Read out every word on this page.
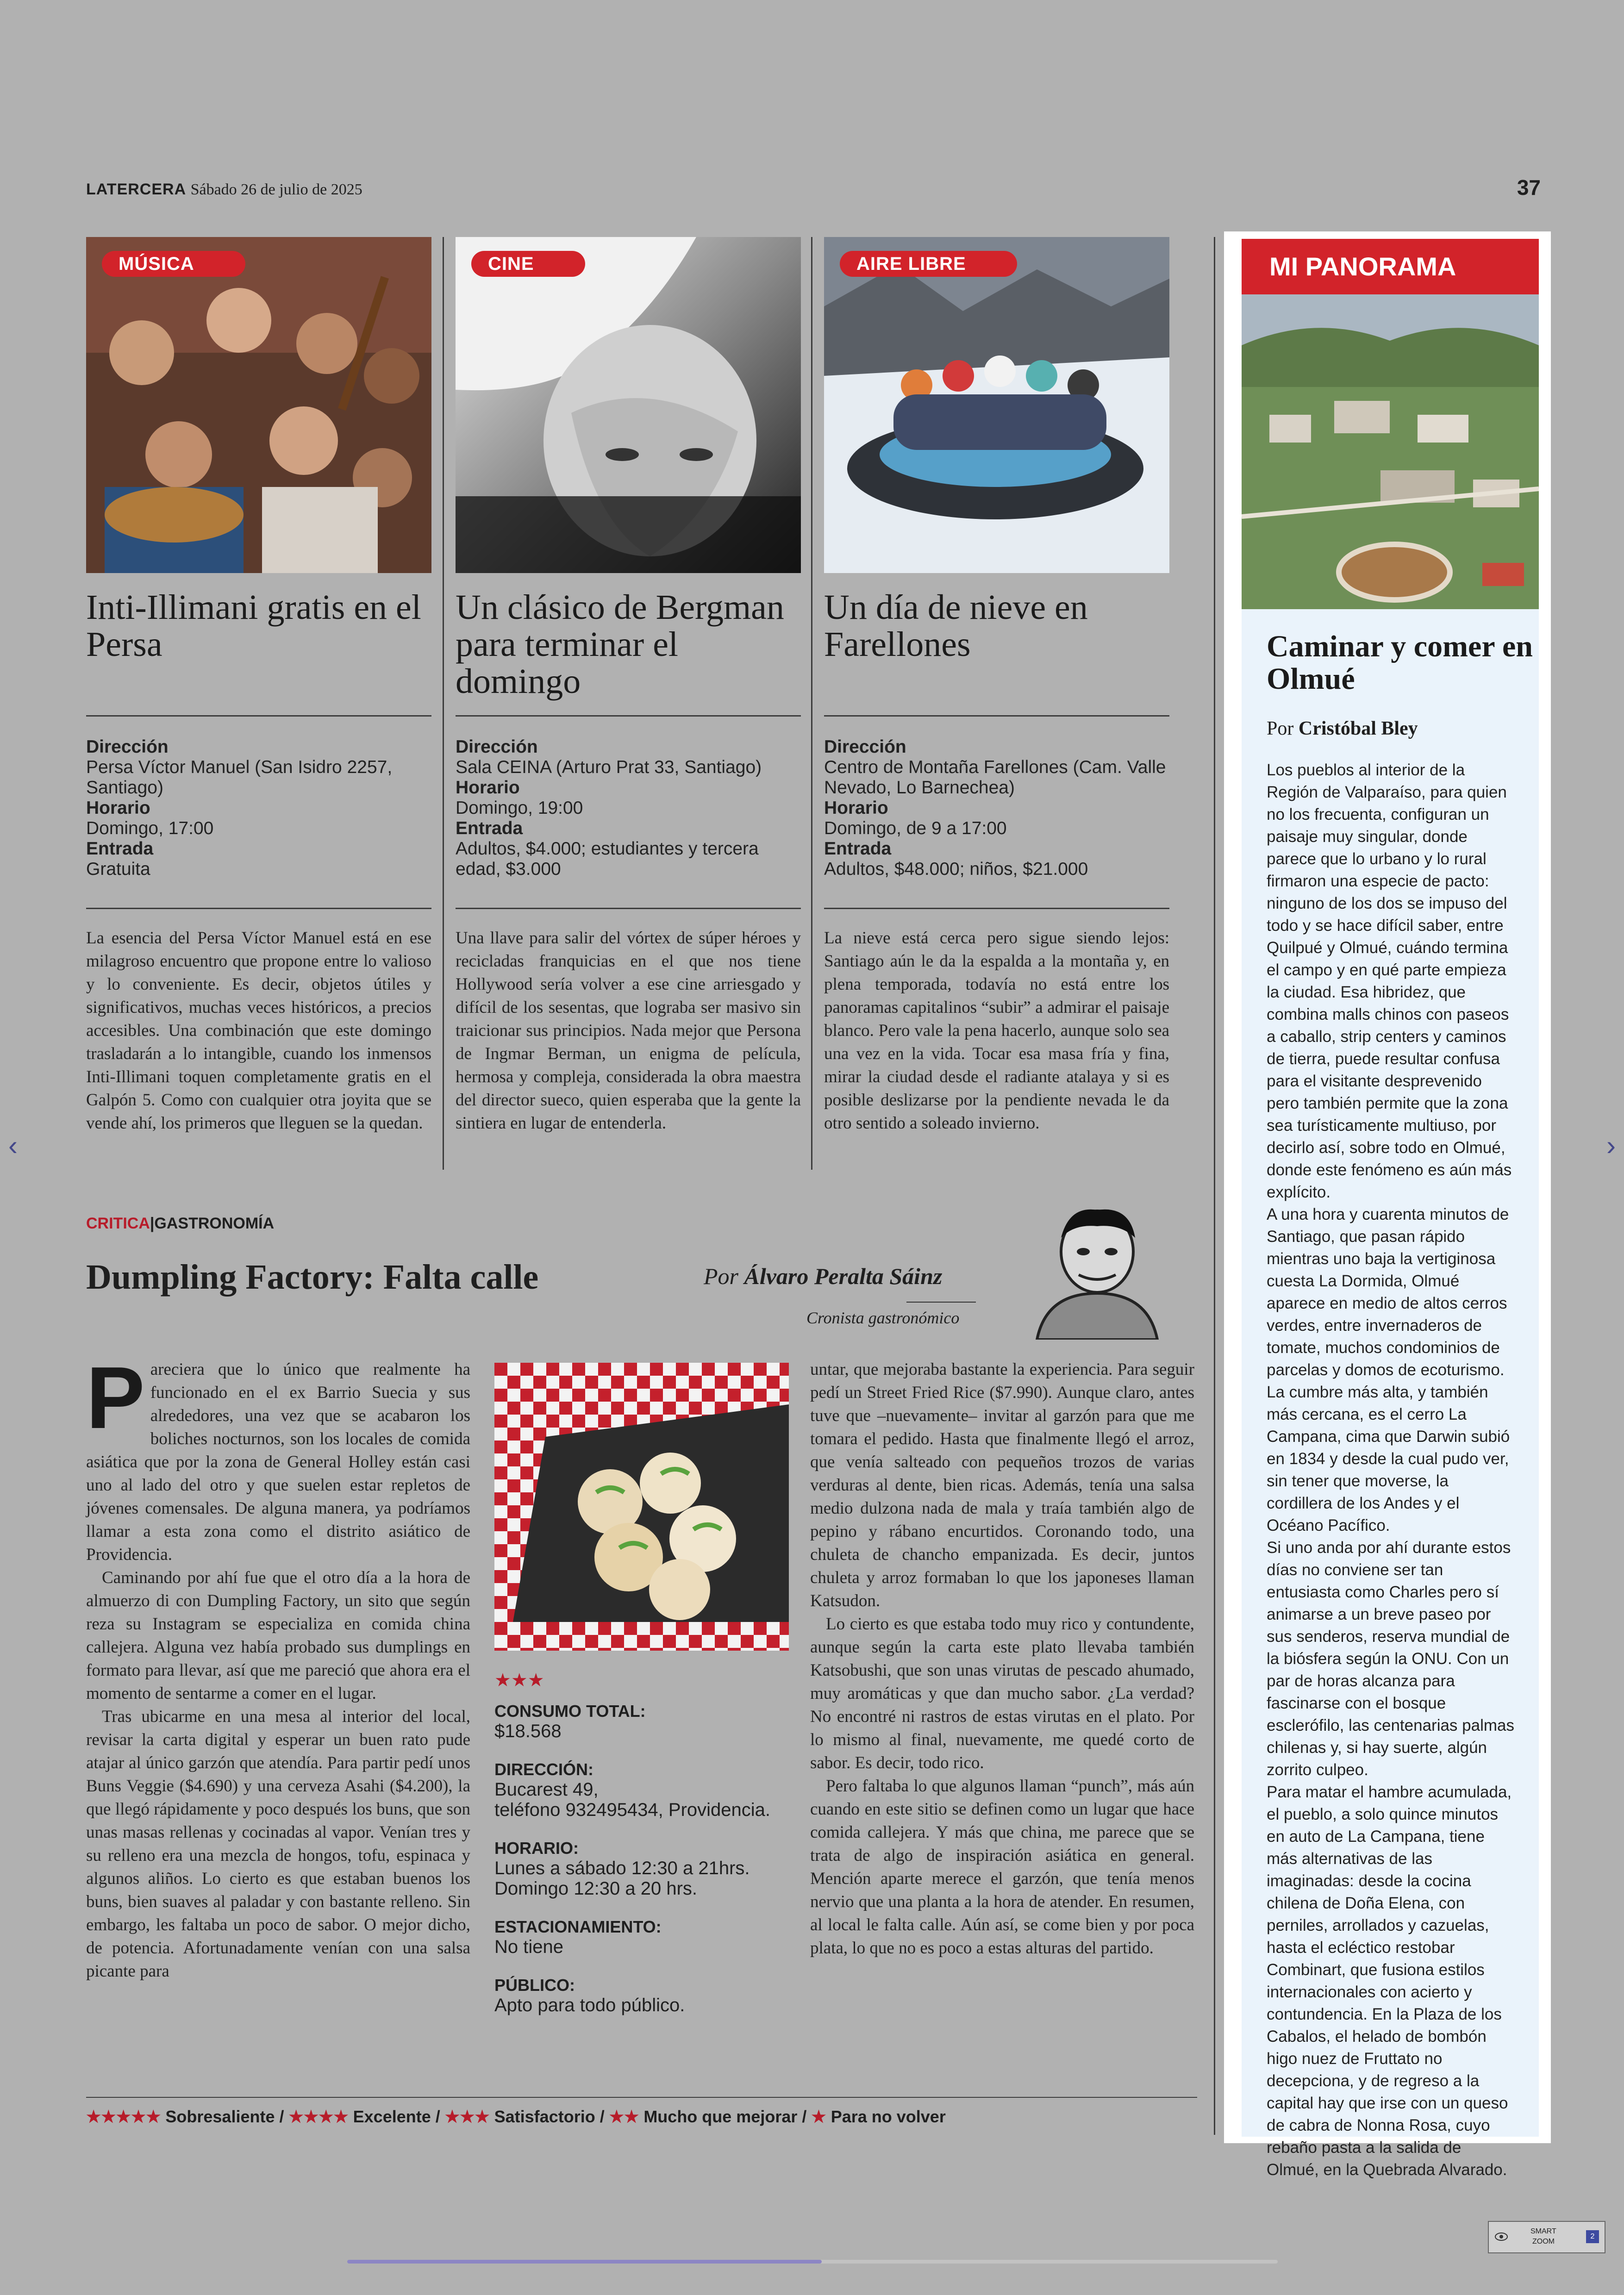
LATERCERA Sábado 26 de julio de 2025	37
MÚSICA
Inti-Illimani gratis en el Persa
Dirección
Persa Víctor Manuel (San Isidro 2257, Santiago)
Horario
Domingo, 17:00
Entrada
Gratuita

La esencia del Persa Víctor Manuel está en ese milagroso encuentro que propone entre lo valioso y lo conveniente. Es decir, objetos útiles y significativos, muchas veces históricos, a precios accesibles. Una combinación que este domingo trasladarán a lo intangible, cuando los inmensos Inti-Illimani toquen completamente gratis en el Galpón 5. Como con cualquier otra joyita que se vende ahí, los primeros que lleguen se la quedan.

CINE
Un clásico de Bergman para terminar el domingo
Dirección
Sala CEINA (Arturo Prat 33, Santiago)
Horario
Domingo, 19:00
Entrada
Adultos, $4.000; estudiantes y tercera edad, $3.000

Una llave para salir del vórtex de súper héroes y recicladas franquicias en el que nos tiene Hollywood sería volver a ese cine arriesgado y difícil de los sesentas, que lograba ser masivo sin traicionar sus principios. Nada mejor que Persona de Ingmar Berman, un enigma de película, hermosa y compleja, considerada la obra maestra del director sueco, quien esperaba que la gente la sintiera en lugar de entenderla.

AIRE LIBRE
Un día de nieve en Farellones
Dirección
Centro de Montaña Farellones (Cam. Valle Nevado, Lo Barnechea)
Horario
Domingo, de 9 a 17:00
Entrada
Adultos, $48.000; niños, $21.000

La nieve está cerca pero sigue siendo lejos: Santiago aún le da la espalda a la montaña y, en plena temporada, todavía no está entre los panoramas capitalinos “subir” a admirar el paisaje blanco. Pero vale la pena hacerlo, aunque solo sea una vez en la vida. Tocar esa masa fría y fina, mirar la ciudad desde el radiante atalaya y si es posible deslizarse por la pendiente nevada le da otro sentido a soleado invierno.

CRITICA|GASTRONOMÍA
Dumpling Factory: Falta calle	Por Álvaro Peralta Sáinz
Cronista gastronómico
P areciera que lo único que realmente ha funcionado en el ex Barrio Suecia y sus alrededores, una vez que se acabaron los boliches nocturnos, son los locales de comida asiática que por la zona de General Holley están casi uno al lado del otro y que suelen estar repletos de jóvenes comensales. De alguna manera, ya podríamos llamar a esta zona como el distrito asiático de Providencia.

Caminando por ahí fue que el otro día a la hora de almuerzo di con Dumpling Factory, un sito que según reza su Instagram se especializa en comida china callejera. Alguna vez había probado sus dumplings en formato para llevar, así que me pareció que ahora era el momento de sentarme a comer en el lugar.

Tras ubicarme en una mesa al interior del local, revisar la carta digital y esperar un buen rato pude atajar al único garzón que atendía. Para partir pedí unos Buns Veggie ($4.690) y una cerveza Asahi ($4.200), la que llegó rápidamente y poco después los buns, que son unas masas rellenas y cocinadas al vapor. Venían tres y su relleno era una mezcla de hongos, tofu, espinaca y algunos aliños. Lo cierto es que estaban buenos los buns, bien suaves al paladar y con bastante relleno. Sin embargo, les faltaba un poco de sabor. O mejor dicho, de potencia. Afortunadamente venían con una salsa picante para

★★★
CONSUMO TOTAL:
$18.568
DIRECCIÓN:
Bucarest 49,
teléfono 932495434, Providencia.
HORARIO:
Lunes a sábado 12:30 a 21hrs.
Domingo 12:30 a 20 hrs.
ESTACIONAMIENTO:
No tiene
PÚBLICO:
Apto para todo público.

untar, que mejoraba bastante la experiencia. Para seguir pedí un Street Fried Rice ($7.990). Aunque claro, antes tuve que –nuevamente– invitar al garzón para que me tomara el pedido. Hasta que finalmente llegó el arroz, que venía salteado con pequeños trozos de varias verduras al dente, bien ricas. Además, tenía una salsa medio dulzona nada de mala y traía también algo de pepino y rábano encurtidos. Coronando todo, una chuleta de chancho empanizada. Es decir, juntos chuleta y arroz formaban lo que los japoneses llaman Katsudon.

Lo cierto es que estaba todo muy rico y contundente, aunque según la carta este plato llevaba también Katsobushi, que son unas virutas de pescado ahumado, muy aromáticas y que dan mucho sabor. ¿La verdad? No encontré ni rastros de estas virutas en el plato. Por lo mismo al final, nuevamente, me quedé corto de sabor. Es decir, todo rico.

Pero faltaba lo que algunos llaman “punch”, más aún cuando en este sitio se definen como un lugar que hace comida callejera. Y más que china, me parece que se trata de algo de inspiración asiática en general. Mención aparte merece el garzón, que tenía menos nervio que una planta a la hora de atender. En resumen, al local le falta calle. Aún así, se come bien y por poca plata, lo que no es poco a estas alturas del partido.

★★★★★ Sobresaliente / ★★★★ Excelente / ★★★ Satisfactorio / ★★ Mucho que mejorar / ★ Para no volver
MI PANORAMA
Caminar y comer en Olmué
Por Cristóbal Bley

Los pueblos al interior de la Región de Valparaíso, para quien no los frecuenta, configuran un paisaje muy singular, donde parece que lo urbano y lo rural firmaron una especie de pacto: ninguno de los dos se impuso del todo y se hace difícil saber, entre Quilpué y Olmué, cuándo termina el campo y en qué parte empieza la ciudad. Esa hibridez, que combina malls chinos con paseos a caballo, strip centers y caminos de tierra, puede resultar confusa para el visitante desprevenido pero también permite que la zona sea turísticamente multiuso, por decirlo así, sobre todo en Olmué, donde este fenómeno es aún más explícito.

A una hora y cuarenta minutos de Santiago, que pasan rápido mientras uno baja la vertiginosa cuesta La Dormida, Olmué aparece en medio de altos cerros verdes, entre invernaderos de tomate, muchos condominios de parcelas y domos de ecoturismo. La cumbre más alta, y también más cercana, es el cerro La Campana, cima que Darwin subió en 1834 y desde la cual pudo ver, sin tener que moverse, la cordillera de los Andes y el Océano Pacífico.

Si uno anda por ahí durante estos días no conviene ser tan entusiasta como Charles pero sí animarse a un breve paseo por sus senderos, reserva mundial de la biósfera según la ONU. Con un par de horas alcanza para fascinarse con el bosque esclerófilo, las centenarias palmas chilenas y, si hay suerte, algún zorrito culpeo.

Para matar el hambre acumulada, el pueblo, a solo quince minutos en auto de La Campana, tiene más alternativas de las imaginadas: desde la cocina chilena de Doña Elena, con perniles, arrollados y cazuelas, hasta el ecléctico restobar Combinart, que fusiona estilos internacionales con acierto y contundencia. En la Plaza de los Cabalos, el helado de bombón higo nuez de Fruttato no decepciona, y de regreso a la capital hay que irse con un queso de cabra de Nonna Rosa, cuyo rebaño pasta a la salida de Olmué, en la Quebrada Alvarado.

‹	›
SMART
ZOOM
2
